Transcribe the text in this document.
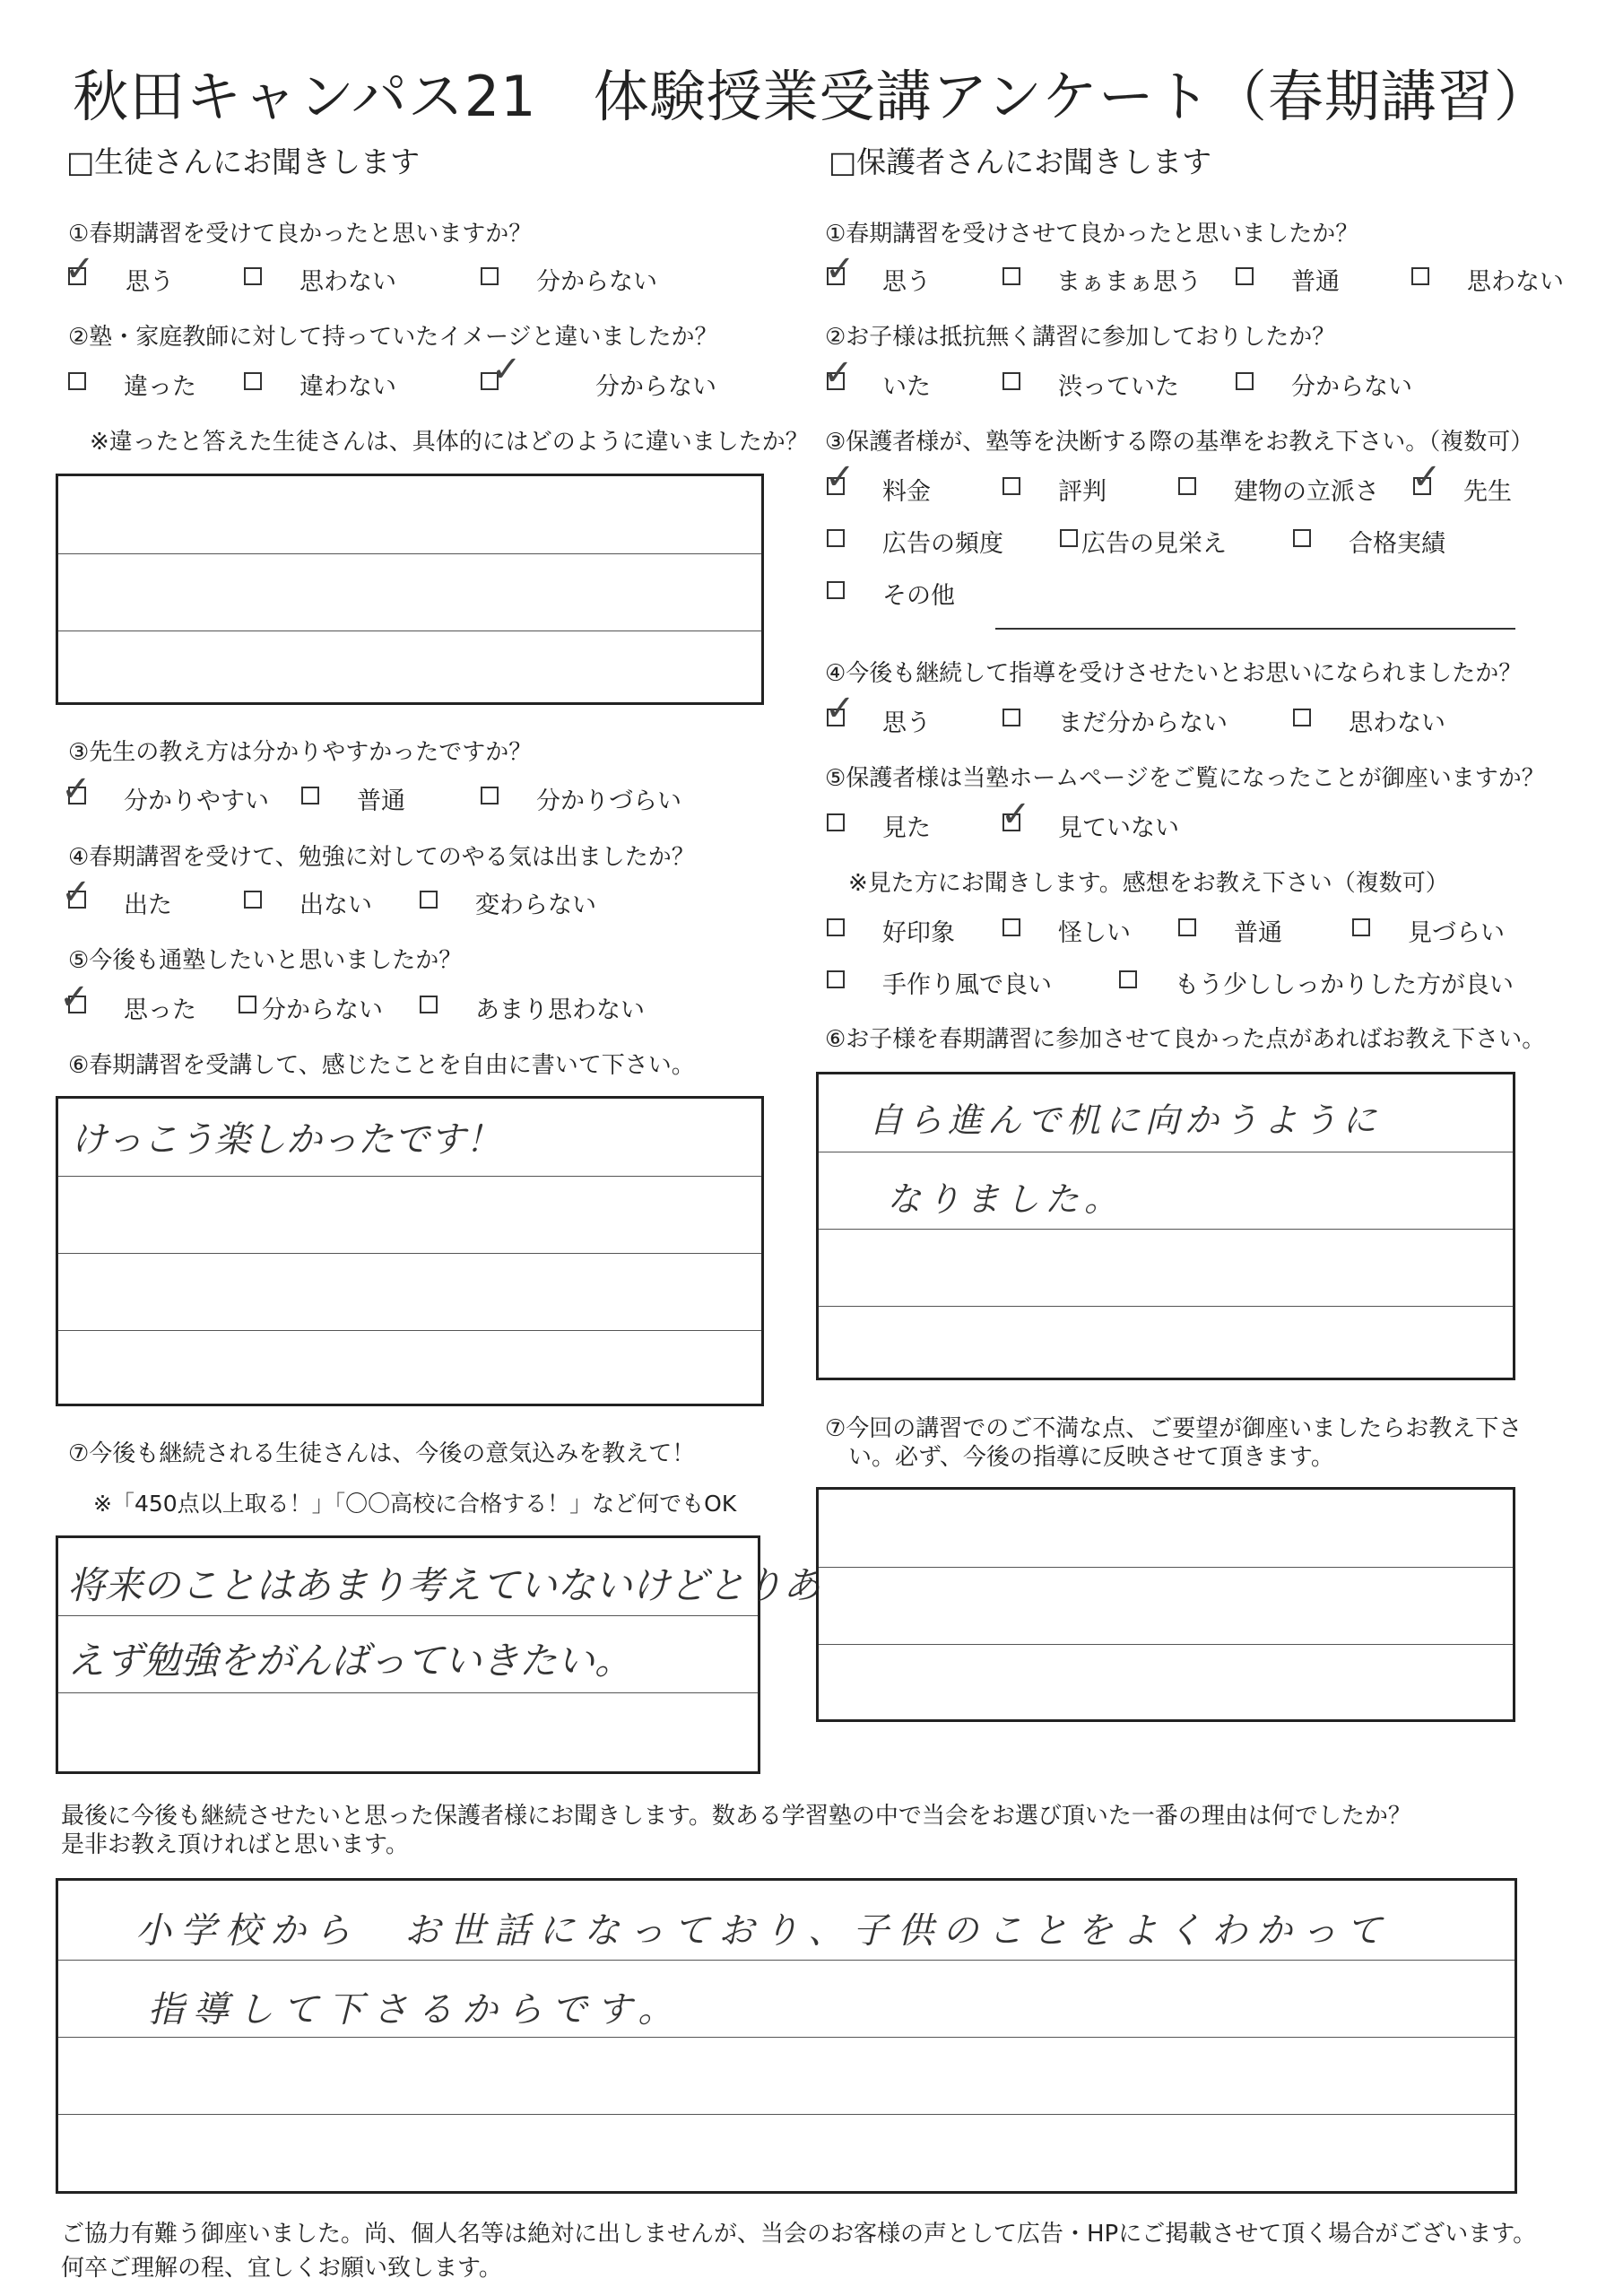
秋田キャンパス21　体験授業受講アンケート（春期講習）
□生徒さんにお聞きします
①春期講習を受けて良かったと思いますか？
✓ 思う	思わない	分からない
②塾・家庭教師に対して持っていたイメージと違いましたか？
違った	違わない	✓	分からない
※違ったと答えた生徒さんは、具体的にはどのように違いましたか？
③先生の教え方は分かりやすかったですか？
✓ 分かりやすい	普通	分かりづらい
④春期講習を受けて、勉強に対してのやる気は出ましたか？
✓ 出た	出ない	変わらない
⑤今後も通塾したいと思いましたか？
✓ 思った	分からない	あまり思わない
⑥春期講習を受講して、感じたことを自由に書いて下さい。
けっこう楽しかったです！
⑦今後も継続される生徒さんは、今後の意気込みを教えて！
※「450点以上取る！」「〇〇高校に合格する！」など何でもOK
将来のことはあまり考えていないけどとりあ
えず勉強をがんばっていきたい。
□保護者さんにお聞きします
①春期講習を受けさせて良かったと思いましたか？
✓ 思う	まぁまぁ思う	普通	思わない
②お子様は抵抗無く講習に参加しておりしたか？
✓ いた	渋っていた	分からない
③保護者様が、塾等を決断する際の基準をお教え下さい。（複数可）
✓ 料金	評判	建物の立派さ ✓ 先生
広告の頻度	広告の見栄え	合格実績
その他
④今後も継続して指導を受けさせたいとお思いになられましたか？
✓ 思う	まだ分からない	思わない
⑤保護者様は当塾ホームページをご覧になったことが御座いますか？
見た ✓ 見ていない
※見た方にお聞きします。感想をお教え下さい（複数可）
好印象	怪しい	普通	見づらい
手作り風で良い	もう少ししっかりした方が良い
⑥お子様を春期講習に参加させて良かった点があればお教え下さい。
自ら進んで机に向かうように
なりました。
⑦今回の講習でのご不満な点、ご要望が御座いましたらお教え下さ
い。必ず、今後の指導に反映させて頂きます。
最後に今後も継続させたいと思った保護者様にお聞きします。数ある学習塾の中で当会をお選び頂いた一番の理由は何でしたか？
是非お教え頂ければと思います。
小学校から　お世話になっており、子供のことをよくわかって
指導して下さるからです。
ご協力有難う御座いました。尚、個人名等は絶対に出しませんが、当会のお客様の声として広告・HPにご掲載させて頂く場合がございます。
何卒ご理解の程、宜しくお願い致します。
